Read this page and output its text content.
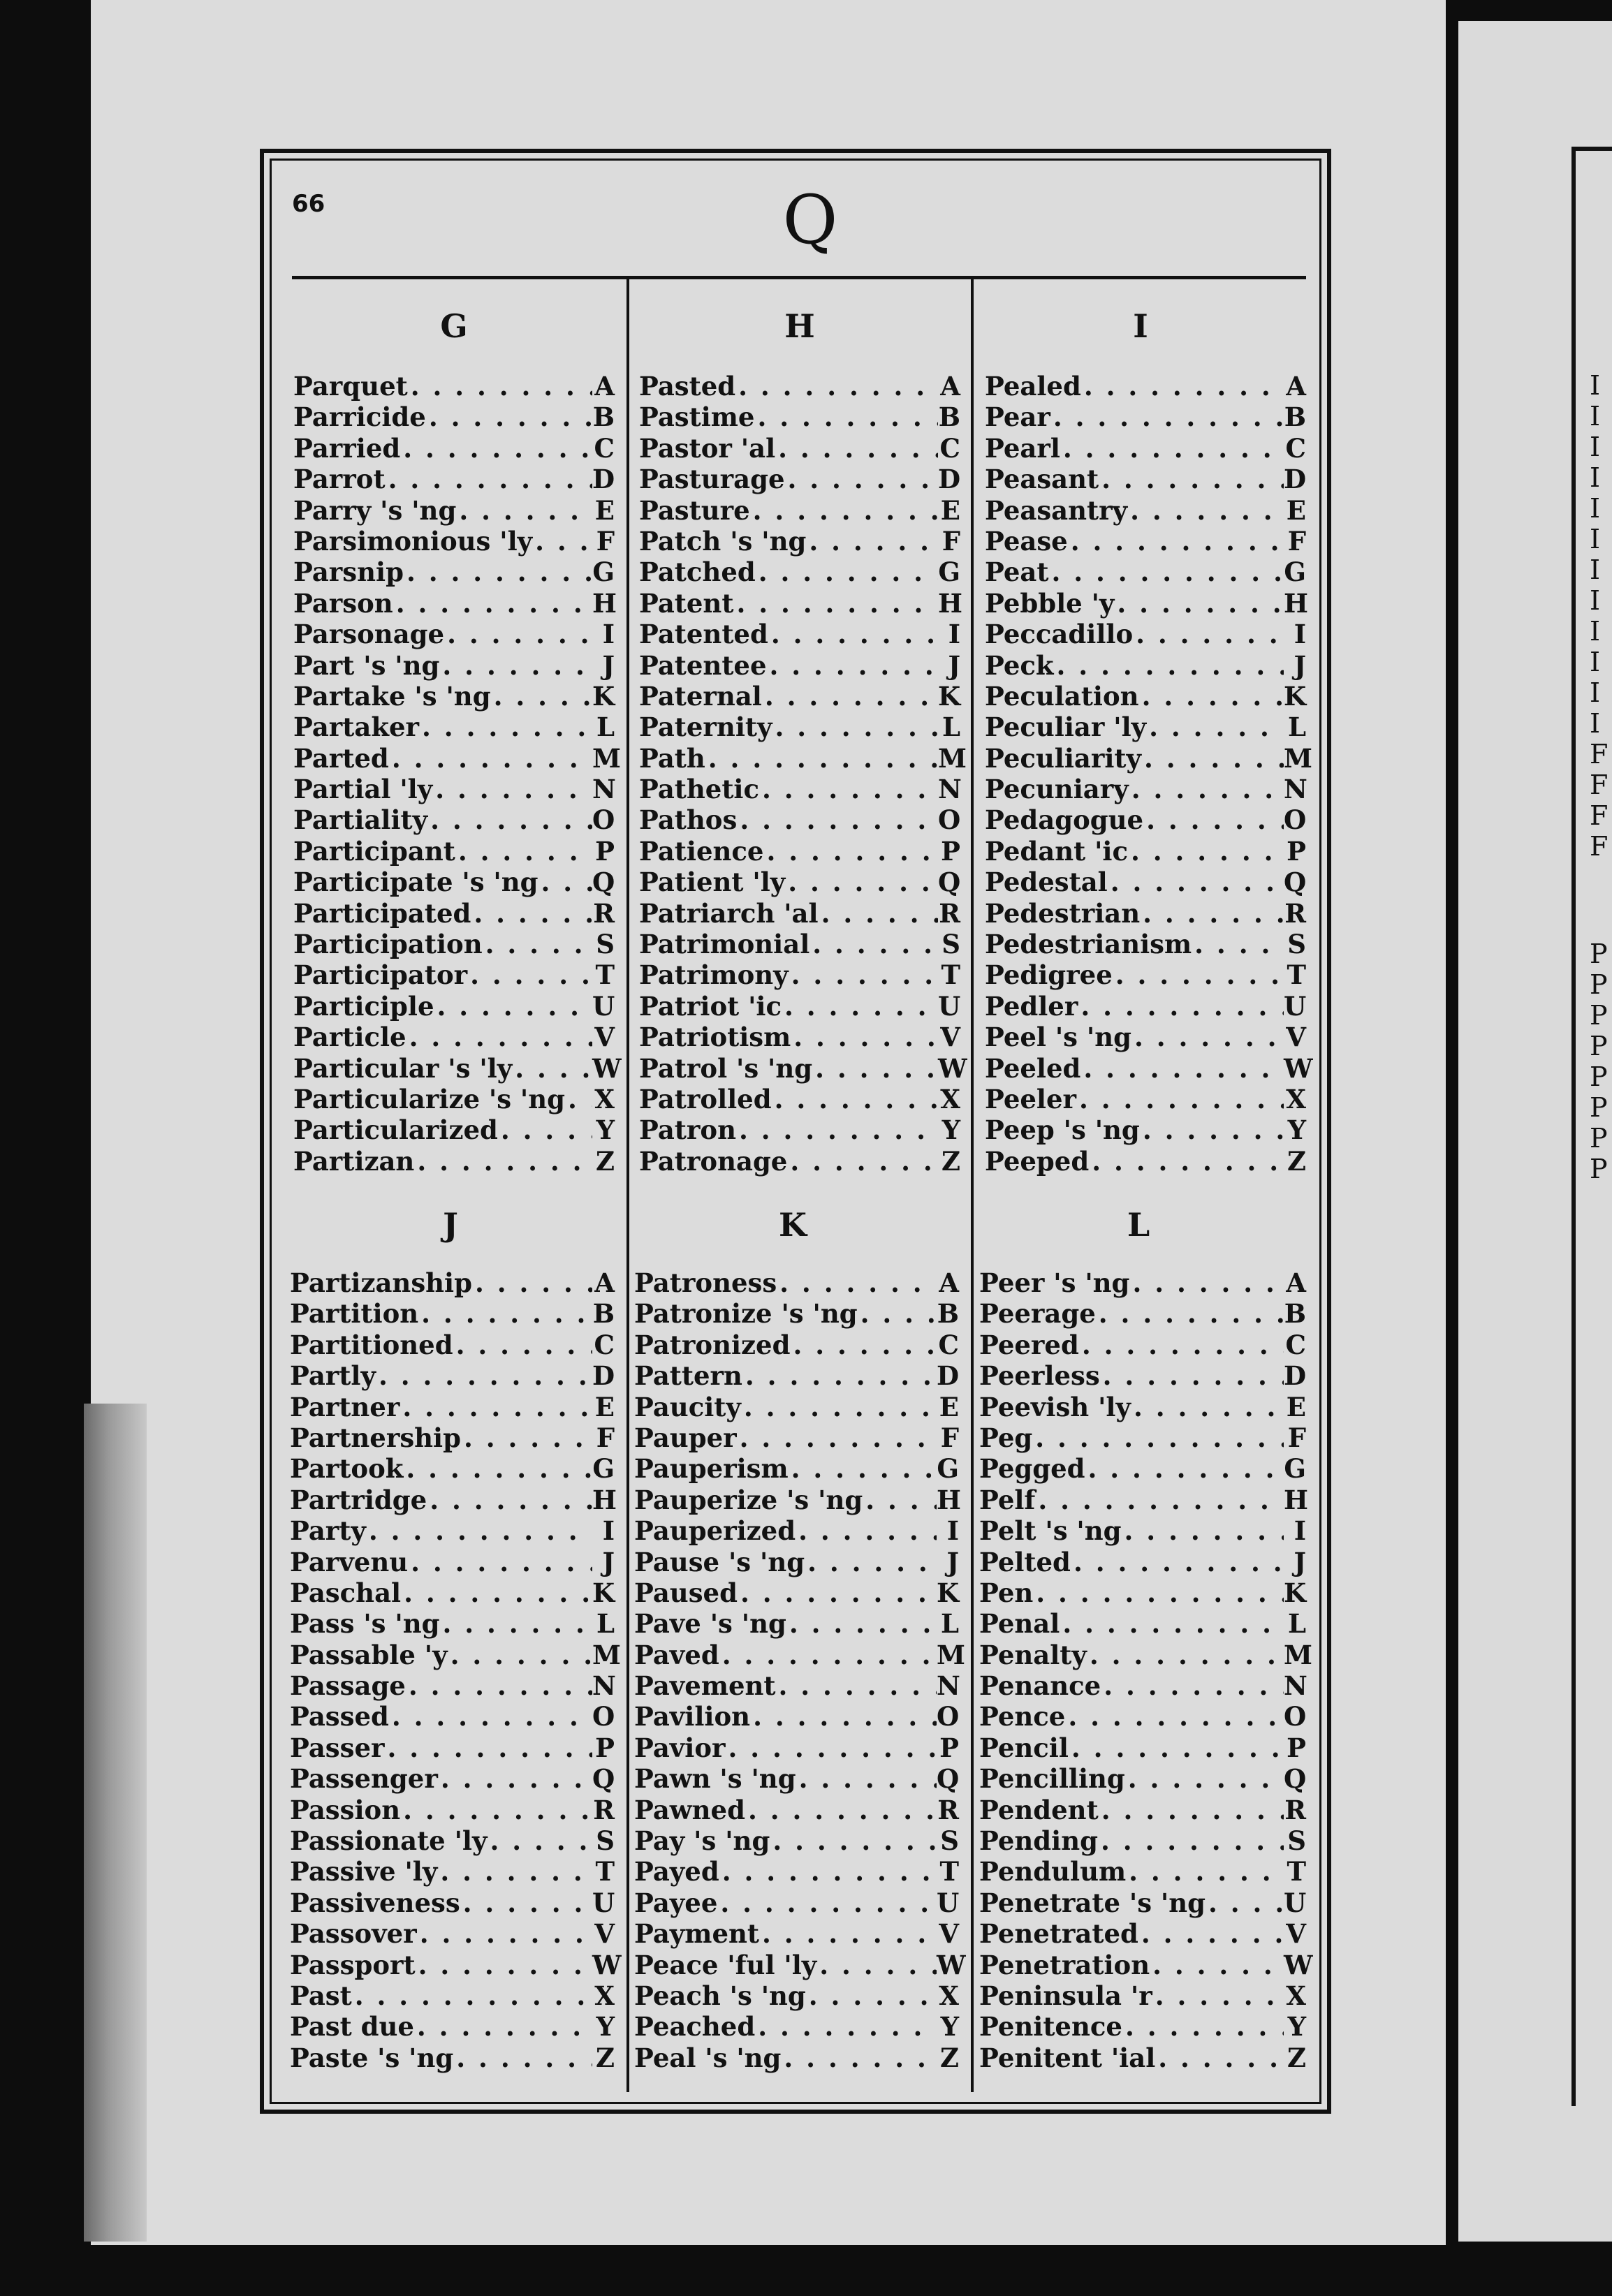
I
I
I
I
I
I
I
I
I
I
I
I
F
F
F
F
P
P
P
P
P
P
P
P
66	Q
G
Parquet . . .	A
Parricide . . .	B
Parried . . .	C
Parrot . . .	D
Parry 's 'ng . . .	E
Parsimonious 'ly . . . F
Parsnip . . .	G
Parson . . .	H
Parsonage . . .	I
Part 's 'ng . . .	J
Partake 's 'ng . . .	K
Partaker . . .	L
Parted . . .	M
Partial 'ly . . .	N
Partiality . . .	O
Participant . . .	P
Participate 's 'ng . . . Q
Participated . . .	R
Participation . . .	S
Participator . . .	T
Participle . . .	U
Particle . . .	V
Particular 's 'ly . . .	W
Particularize 's 'ng . . . X
Particularized . . .	Y
Partizan . . .	Z
H
Pasted . . .	A
Pastime . . .	B
Pastor 'al . . .	C
Pasturage . . .	D
Pasture . . .	E
Patch 's 'ng . . .	F
Patched . . .	G
Patent . . .	H
Patented . . .	I
Patentee . . .	J
Paternal . . .	K
Paternity . . .	L
Path . . .	M
Pathetic . . .	N
Pathos . . .	O
Patience . . .	P
Patient 'ly . . .	Q
Patriarch 'al . . .	R
Patrimonial . . .	S
Patrimony . . .	T
Patriot 'ic . . .	U
Patriotism . . .	V
Patrol 's 'ng . . .	W
Patrolled . . .	X
Patron . . .	Y
Patronage . . .	Z
I
Pealed . . .	A
Pear . . .	B
Pearl . . .	C
Peasant . . .	D
Peasantry . . .	E
Pease . . .	F
Peat . . .	G
Pebble 'y . . .	H
Peccadillo . . .	I
Peck . . .	J
Peculation . . .	K
Peculiar 'ly . . .	L
Peculiarity . . .	M
Pecuniary . . .	N
Pedagogue . . .	O
Pedant 'ic . . .	P
Pedestal . . .	Q
Pedestrian . . .	R
Pedestrianism . . .	S
Pedigree . . .	T
Pedler . . .	U
Peel 's 'ng . . .	V
Peeled . . .	W
Peeler . . .	X
Peep 's 'ng . . .	Y
Peeped . . .	Z
J
Partizanship . . .	A
Partition . . .	B
Partitioned . . .	C
Partly . . .	D
Partner . . .	E
Partnership . . .	F
Partook . . .	G
Partridge . . .	H
Party . . .	I
Parvenu . . .	J
Paschal . . .	K
Pass 's 'ng . . .	L
Passable 'y . . .	M
Passage . . .	N
Passed . . .	O
Passer . . .	P
Passenger . . .	Q
Passion . . .	R
Passionate 'ly . . .	S
Passive 'ly . . .	T
Passiveness . . .	U
Passover . . .	V
Passport . . .	W
Past . . .	X
Past due . . .	Y
Paste 's 'ng . . .	Z
K
Patroness . . .	A
Patronize 's 'ng . . .	B
Patronized . . .	C
Pattern . . .	D
Paucity . . .	E
Pauper . . .	F
Pauperism . . .	G
Pauperize 's 'ng . . .	H
Pauperized . . .	I
Pause 's 'ng . . .	J
Paused . . .	K
Pave 's 'ng . . .	L
Paved . . .	M
Pavement . . .	N
Pavilion . . .	O
Pavior . . .	P
Pawn 's 'ng . . .	Q
Pawned . . .	R
Pay 's 'ng . . .	S
Payed . . .	T
Payee . . .	U
Payment . . .	V
Peace 'ful 'ly . . .	W
Peach 's 'ng . . .	X
Peached . . .	Y
Peal 's 'ng . . .	Z
L
Peer 's 'ng . . .	A
Peerage . . .	B
Peered . . .	C
Peerless . . .	D
Peevish 'ly . . .	E
Peg . . .	F
Pegged . . .	G
Pelf . . .	H
Pelt 's 'ng . . .	I
Pelted . . .	J
Pen . . .	K
Penal . . .	L
Penalty . . .	M
Penance . . .	N
Pence . . .	O
Pencil . . .	P
Pencilling . . .	Q
Pendent . . .	R
Pending . . .	S
Pendulum . . .	T
Penetrate 's 'ng . . .	U
Penetrated . . .	V
Penetration . . .	W
Peninsula 'r . . .	X
Penitence . . .	Y
Penitent 'ial . . .	Z
